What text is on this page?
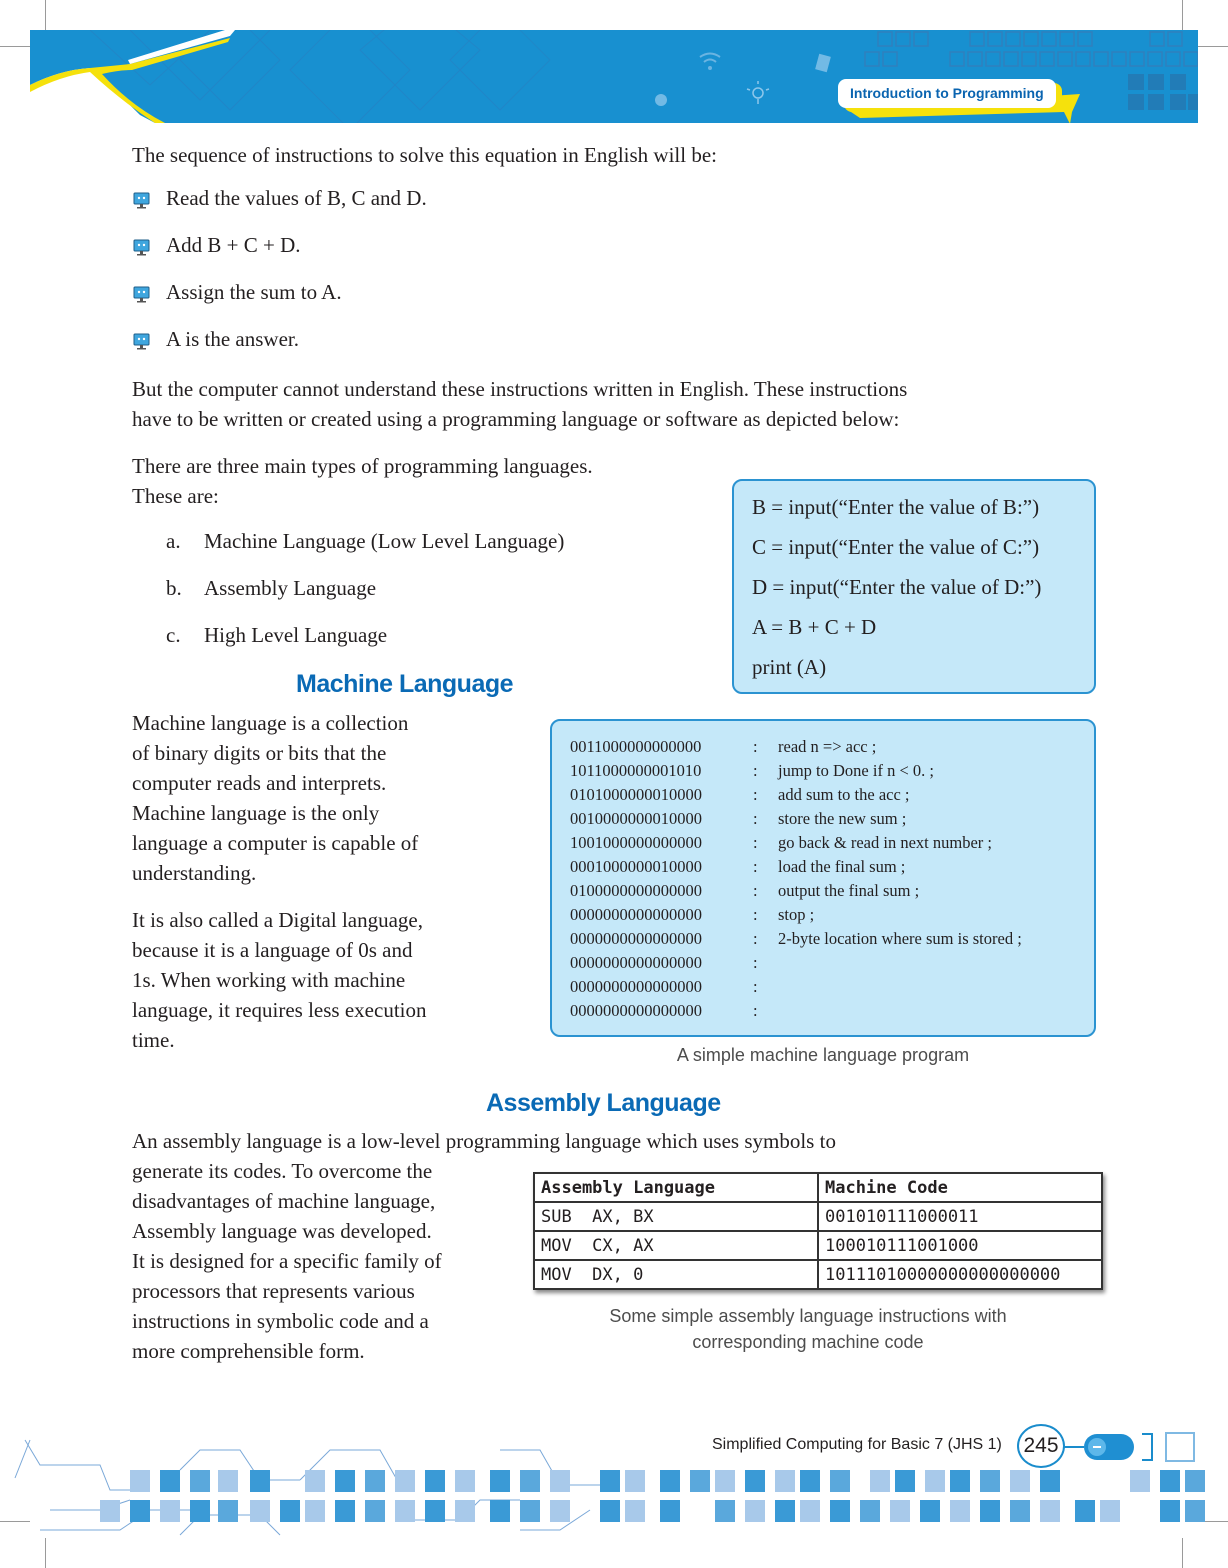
Introduction to Programming
The sequence of instructions to solve this equation in English will be:
Read the values of B, C and D.
Add B + C + D.
Assign the sum to A.
A is the answer.
But the computer cannot understand these instructions written in English. These instructions
have to be written or created using a programming language or software as depicted below:
There are three main types of programming languages.
These are:
a. Machine Language (Low Level Language)
b. Assembly Language
c. High Level Language
B = input(“Enter the value of B:”)
C = input(“Enter the value of C:”)
D = input(“Enter the value of D:”)
A = B + C + D
print (A)
Machine Language
Machine language is a collection
of binary digits or bits that the
computer reads and interprets.
Machine language is the only
language a computer is capable of
understanding.
It is also called a Digital language,
because it is a language of 0s and
1s. When working with machine
language, it requires less execution
time.
0011000000000000	:	read n => acc ;
1011000000001010	:	jump to Done if n < 0. ;
0101000000010000	:	add sum to the acc ;
0010000000010000	:	store the new sum ;
1001000000000000	:	go back & read in next number ;
0001000000010000	:	load the final sum ;
0100000000000000	:	output the final sum ;
0000000000000000	:	stop ;
0000000000000000	:	2-byte location where sum is stored ;
0000000000000000	:
0000000000000000	:
0000000000000000	:
A simple machine language program
Assembly Language
An assembly language is a low-level programming language which uses symbols to
generate its codes. To overcome the
disadvantages of machine language,
Assembly language was developed.
It is designed for a specific family of
processors that represents various
instructions in symbolic code and a
more comprehensible form.
Assembly Language	Machine Code
SUB  AX, BX	001010111000011
MOV  CX, AX	100010111001000
MOV  DX, 0	10111010000000000000000
Some simple assembly language instructions with
corresponding machine code
Simplified Computing for Basic 7 (JHS 1)	245
